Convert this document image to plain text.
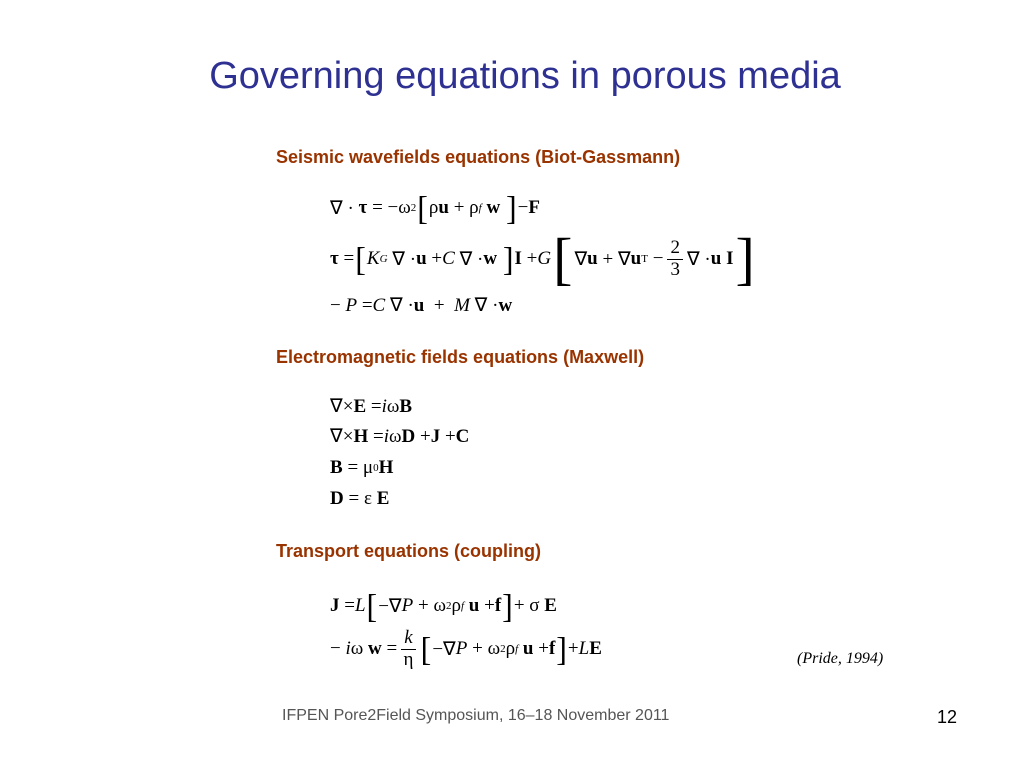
Governing equations in porous media
Seismic wavefields equations (Biot-Gassmann)
∇ · τ = −ω 2 [ ρ u + ρ f
w
] − F
τ = [ K G ∇ · u + C ∇ · w
] I + G [ ∇ u + ∇ u $T - \frac{2}{3}$ ∇ · u I ]
− P = C ∇ · u + M ∇ · w
Electromagnetic fields equations (Maxwell)
∇× E = i ω B
∇× H = i ω D + J + C
B = μ 0 H
D = ε E
Transport equations (coupling)
J = L [ −∇ P + ω 2 ρ f
u + f ] + σ E
− i ω $w = \frac{k}{\eta}$ [ −∇ P + ω 2 ρ f
u + f ] + L E	(Pride, 1994)
IFPEN Pore2Field Symposium, 16–18 November 2011	12
